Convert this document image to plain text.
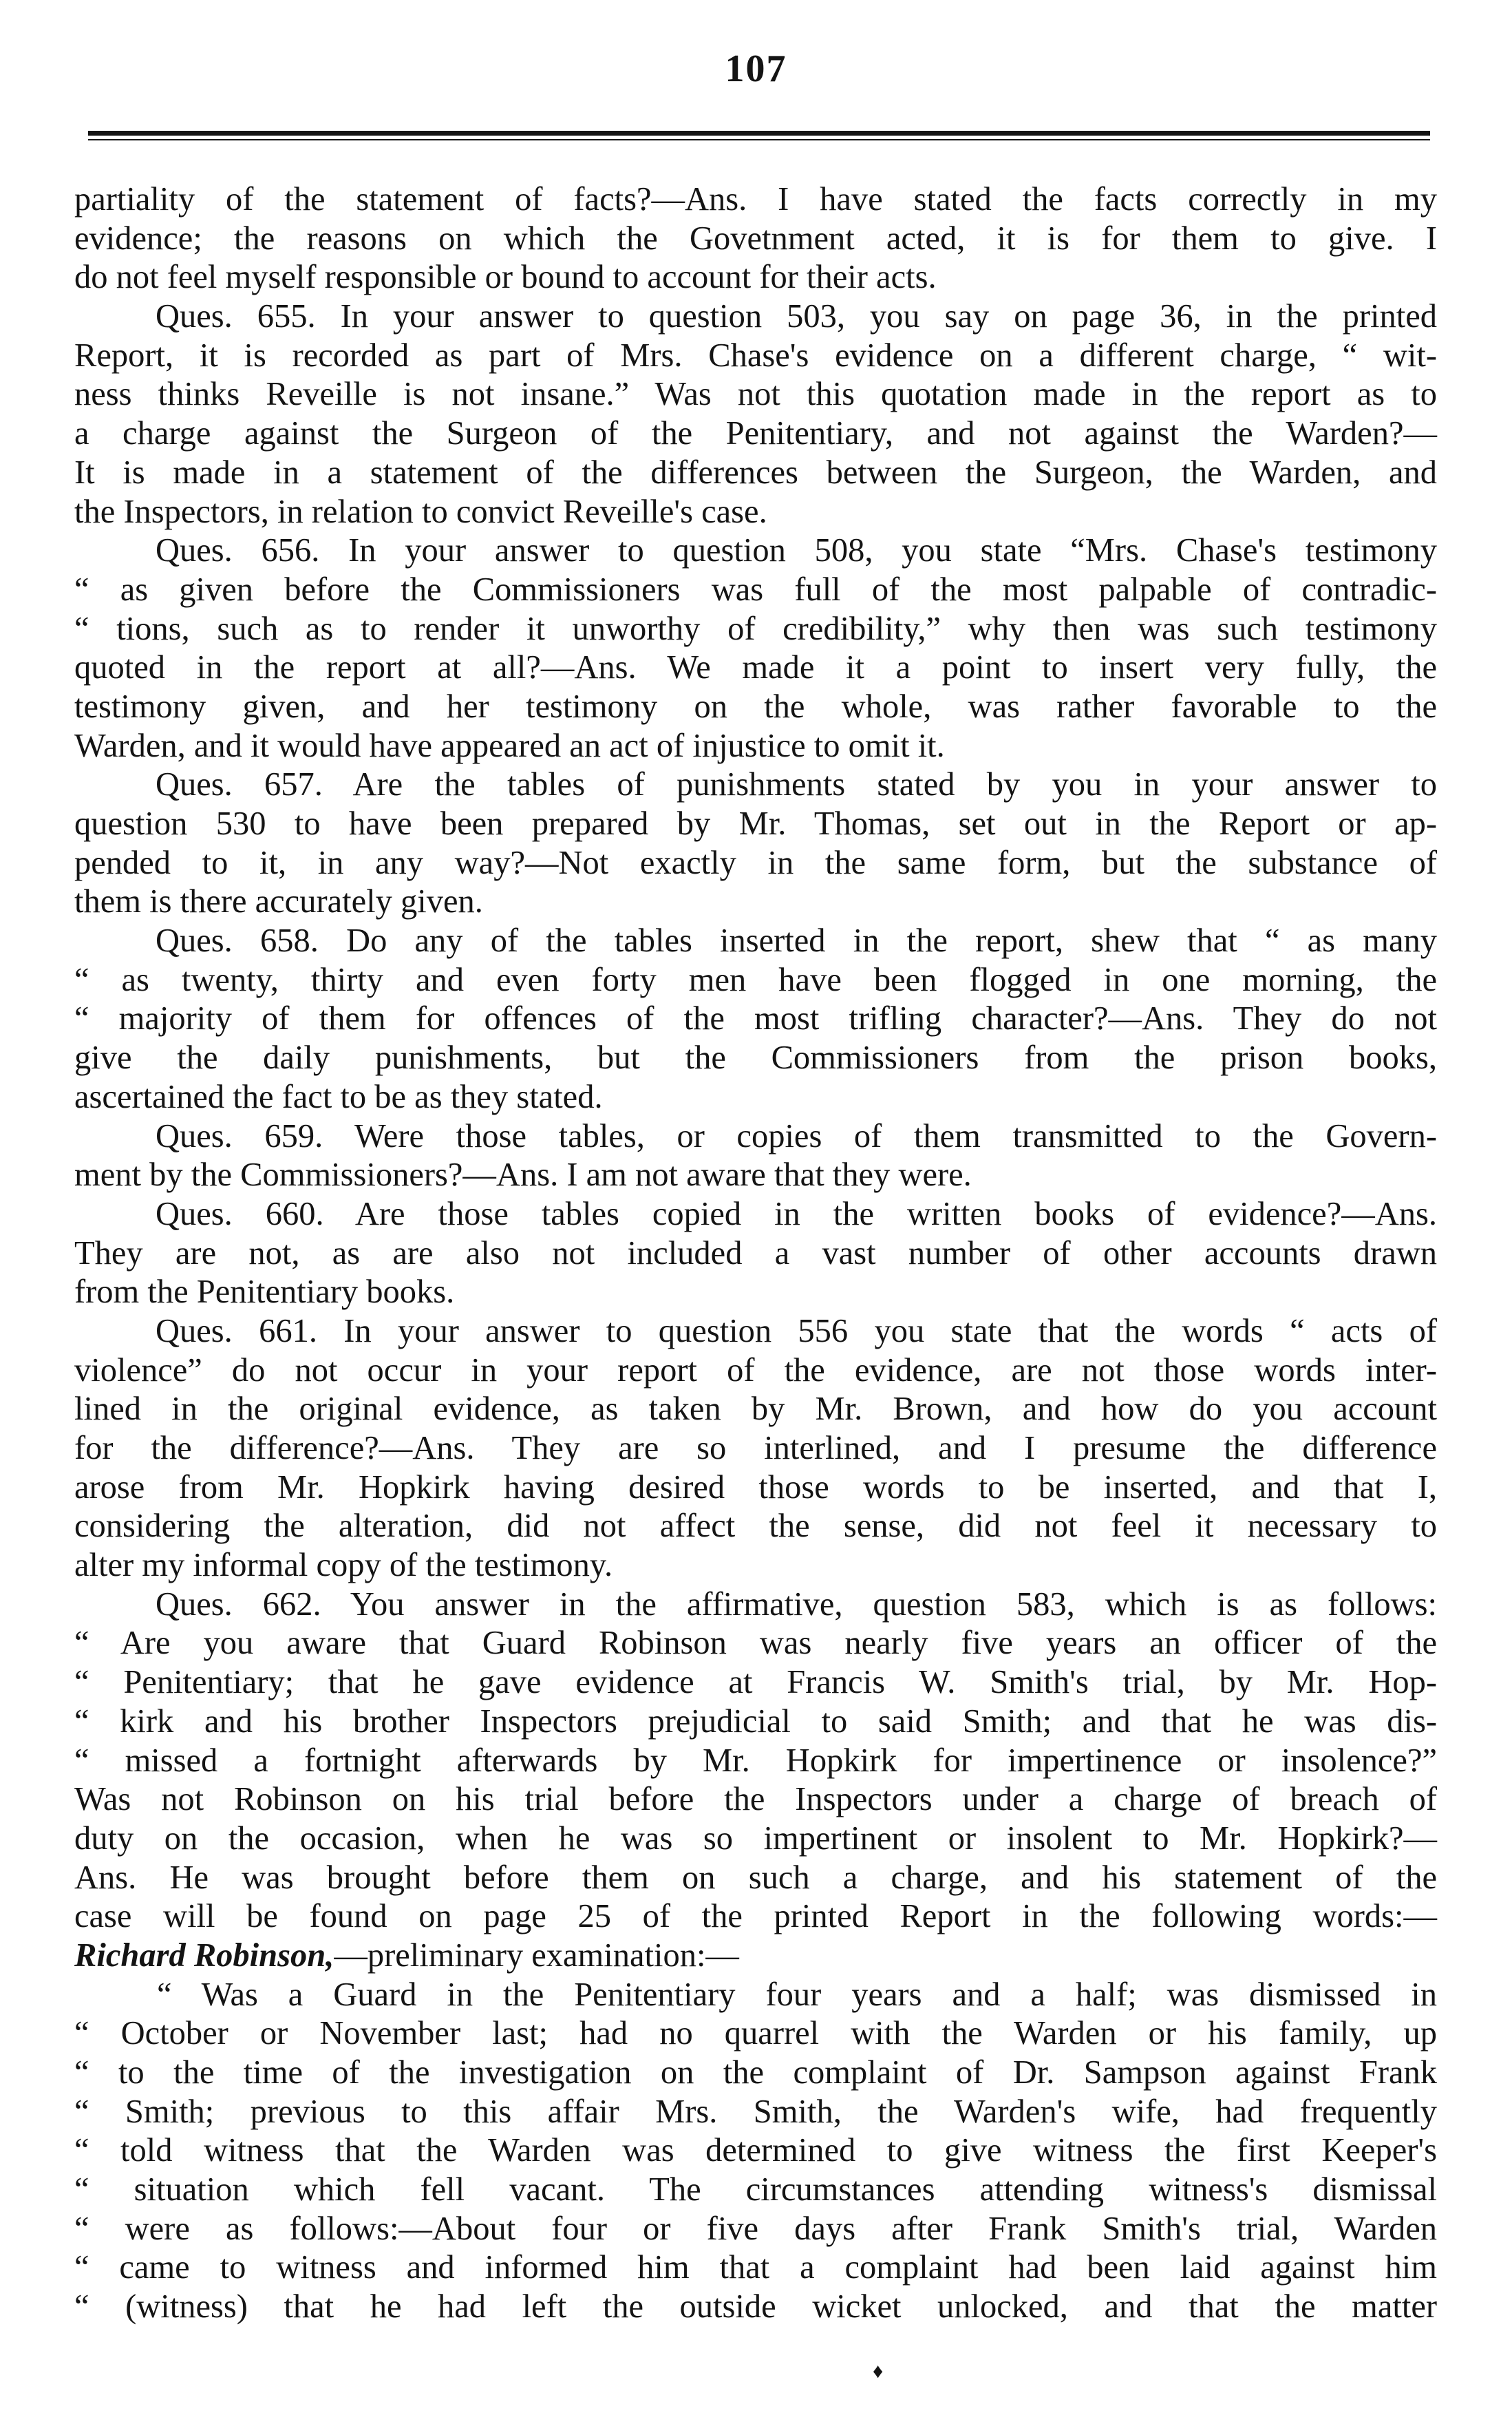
107
partiality of the statement of facts?—Ans. I have stated the facts correctly in my
evidence; the reasons on which the Govetnment acted, it is for them to give. I
do not feel myself responsible or bound to account for their acts.
Ques. 655. In your answer to question 503, you say on page 36, in the printed
Report, it is recorded as part of Mrs. Chase's evidence on a different charge, “ wit-
ness thinks Reveille is not insane.” Was not this quotation made in the report as to
a charge against the Surgeon of the Penitentiary, and not against the Warden?—
It is made in a statement of the differences between the Surgeon, the Warden, and
the Inspectors, in relation to convict Reveille's case.
Ques. 656. In your answer to question 508, you state “Mrs. Chase's testimony
“ as given before the Commissioners was full of the most palpable of contradic-
“ tions, such as to render it unworthy of credibility,” why then was such testimony
quoted in the report at all?—Ans. We made it a point to insert very fully, the
testimony given, and her testimony on the whole, was rather favorable to the
Warden, and it would have appeared an act of injustice to omit it.
Ques. 657. Are the tables of punishments stated by you in your answer to
question 530 to have been prepared by Mr. Thomas, set out in the Report or ap-
pended to it, in any way?—Not exactly in the same form, but the substance of
them is there accurately given.
Ques. 658. Do any of the tables inserted in the report, shew that “ as many
“ as twenty, thirty and even forty men have been flogged in one morning, the
“ majority of them for offences of the most trifling character?—Ans. They do not
give the daily punishments, but the Commissioners from the prison books,
ascertained the fact to be as they stated.
Ques. 659. Were those tables, or copies of them transmitted to the Govern-
ment by the Commissioners?—Ans. I am not aware that they were.
Ques. 660. Are those tables copied in the written books of evidence?—Ans.
They are not, as are also not included a vast number of other accounts drawn
from the Penitentiary books.
Ques. 661. In your answer to question 556 you state that the words “ acts of
violence” do not occur in your report of the evidence, are not those words inter-
lined in the original evidence, as taken by Mr. Brown, and how do you account
for the difference?—Ans. They are so interlined, and I presume the difference
arose from Mr. Hopkirk having desired those words to be inserted, and that I,
considering the alteration, did not affect the sense, did not feel it necessary to
alter my informal copy of the testimony.
Ques. 662. You answer in the affirmative, question 583, which is as follows:
“ Are you aware that Guard Robinson was nearly five years an officer of the
“ Penitentiary; that he gave evidence at Francis W. Smith's trial, by Mr. Hop-
“ kirk and his brother Inspectors prejudicial to said Smith; and that he was dis-
“ missed a fortnight afterwards by Mr. Hopkirk for impertinence or insolence?”
Was not Robinson on his trial before the Inspectors under a charge of breach of
duty on the occasion, when he was so impertinent or insolent to Mr. Hopkirk?—
Ans. He was brought before them on such a charge, and his statement of the
case will be found on page 25 of the printed Report in the following words:—
Richard Robinson,—preliminary examination:—
“ Was a Guard in the Penitentiary four years and a half; was dismissed in
“ October or November last; had no quarrel with the Warden or his family, up
“ to the time of the investigation on the complaint of Dr. Sampson against Frank
“ Smith; previous to this affair Mrs. Smith, the Warden's wife, had frequently
“ told witness that the Warden was determined to give witness the first Keeper's
“ situation which fell vacant. The circumstances attending witness's dismissal
“ were as follows:—About four or five days after Frank Smith's trial, Warden
“ came to witness and informed him that a complaint had been laid against him
“ (witness) that he had left the outside wicket unlocked, and that the matter
♦
